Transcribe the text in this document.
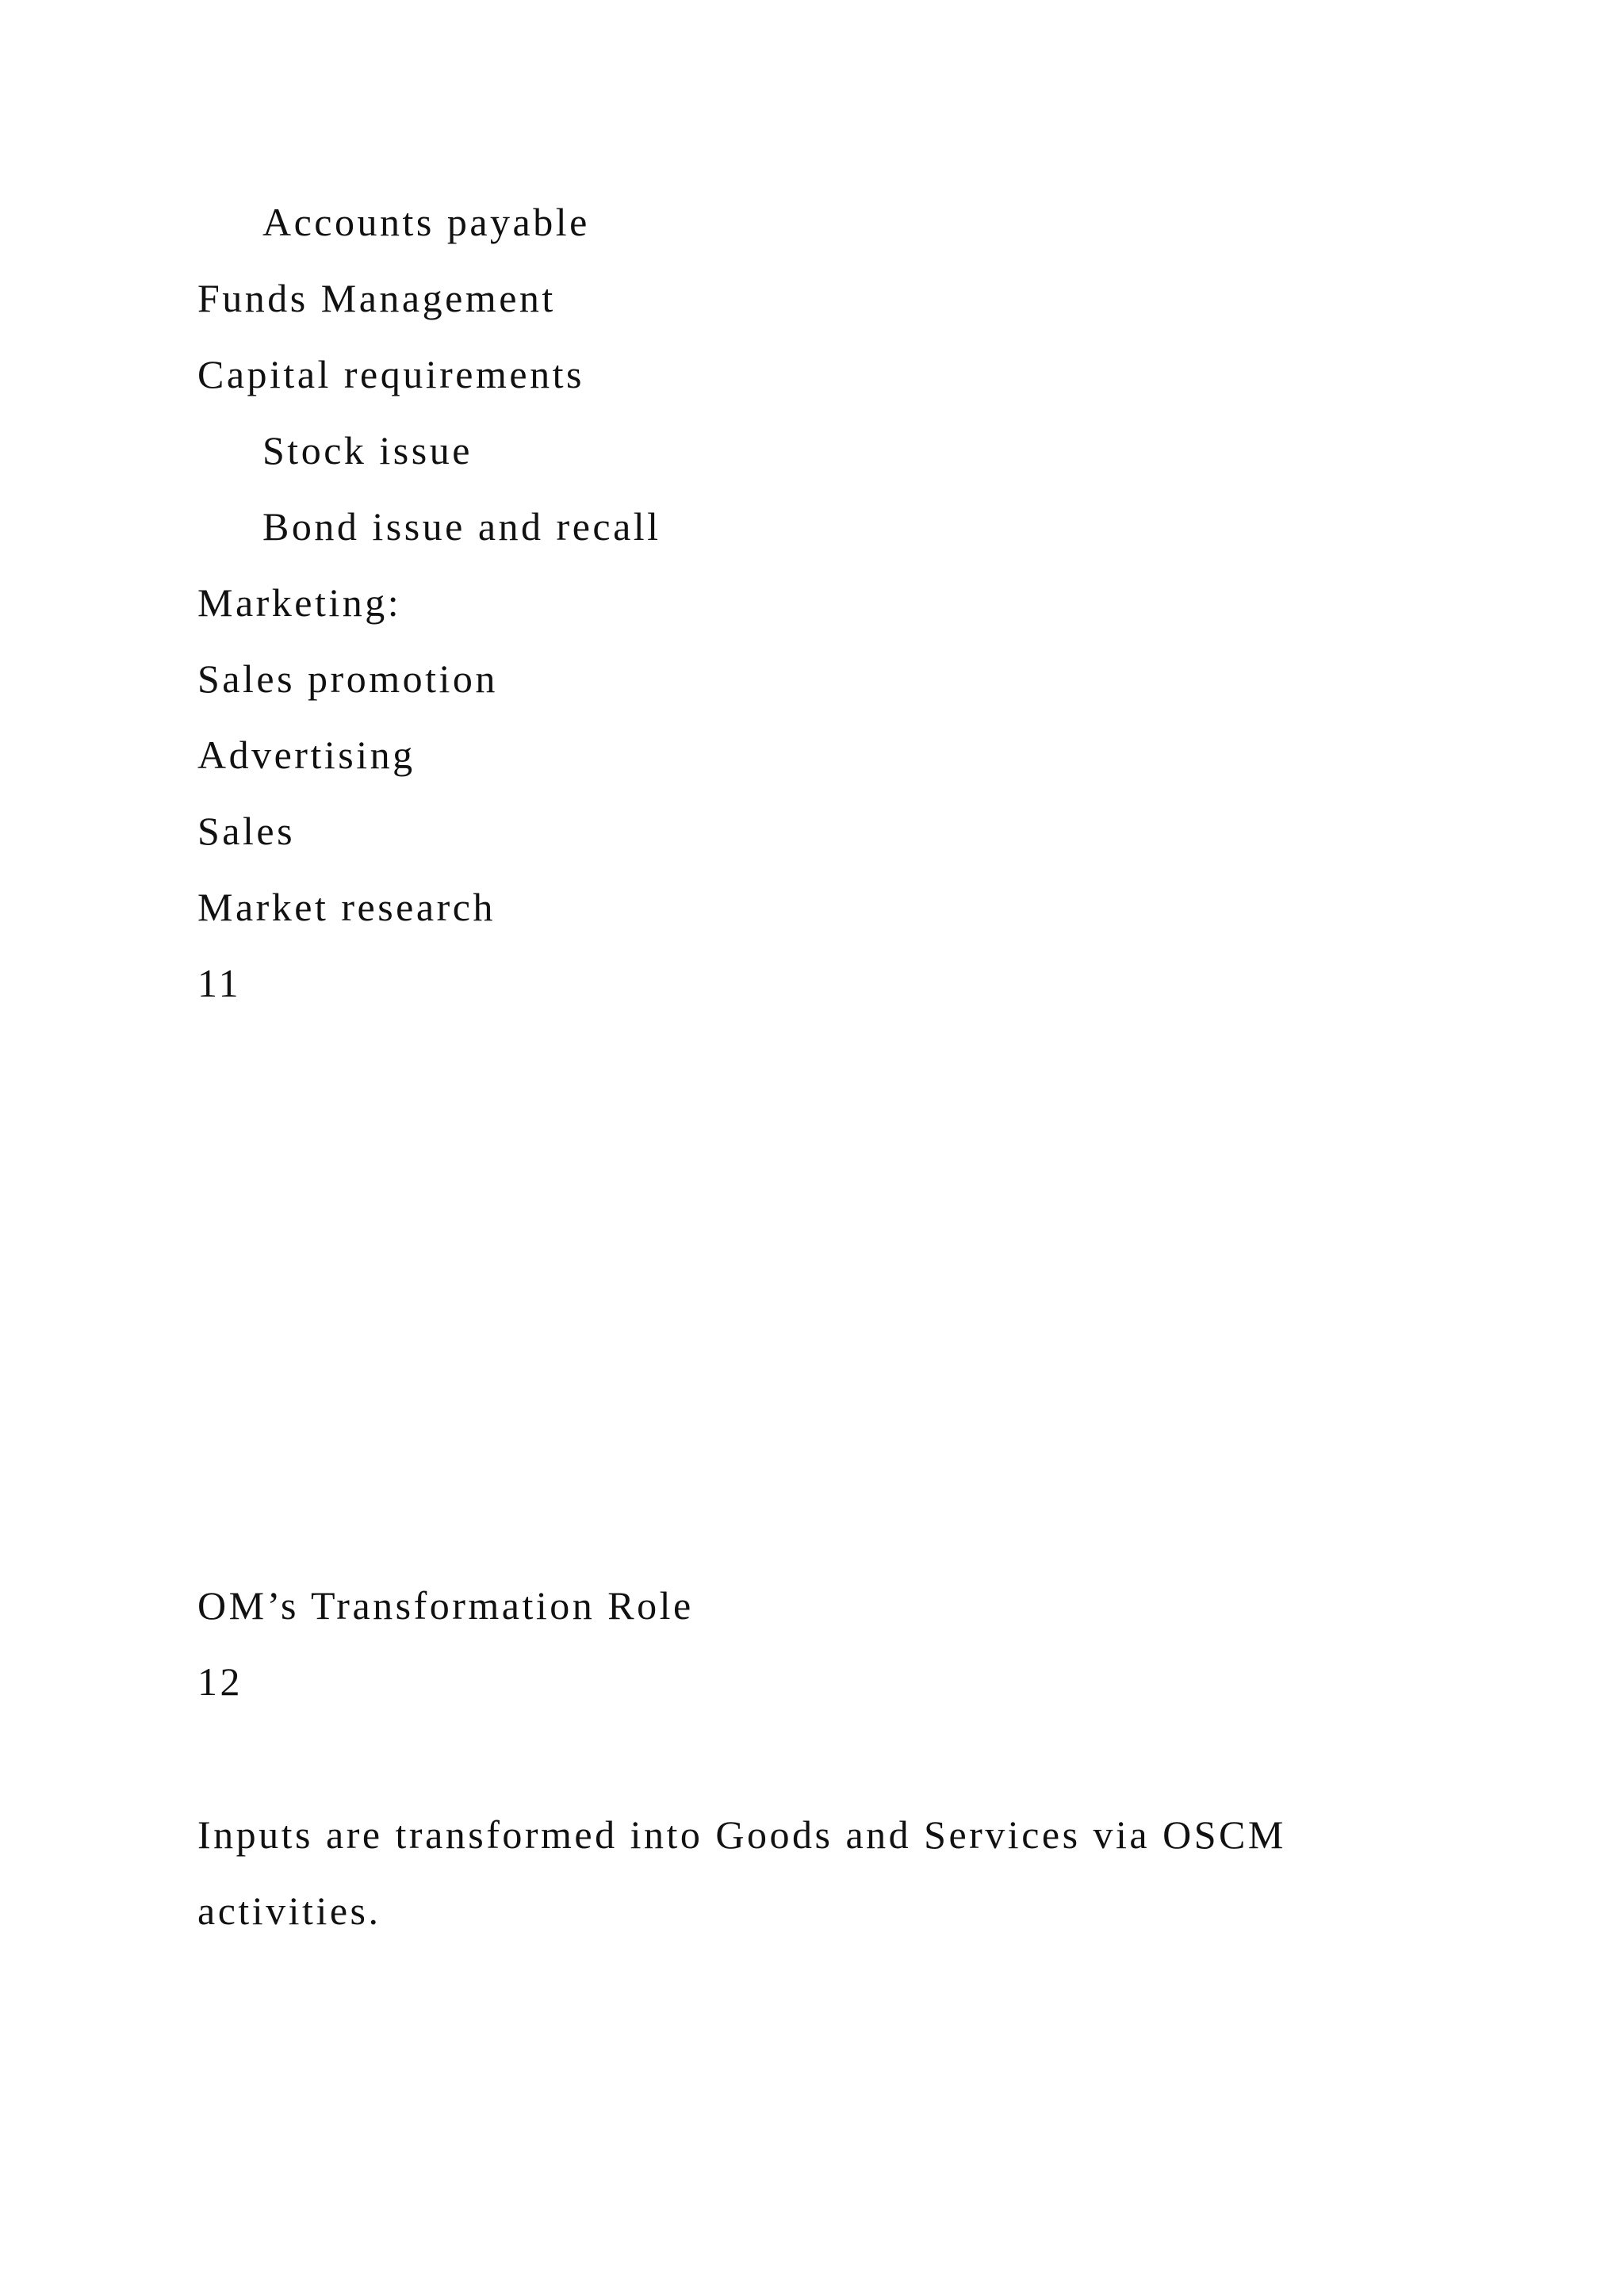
Accounts payable
Funds Management
Capital requirements
Stock issue
Bond issue and recall
Marketing:
Sales promotion
Advertising
Sales
Market research
11
OM’s Transformation Role
12
Inputs are transformed into Goods and Services via OSCM
activities.
